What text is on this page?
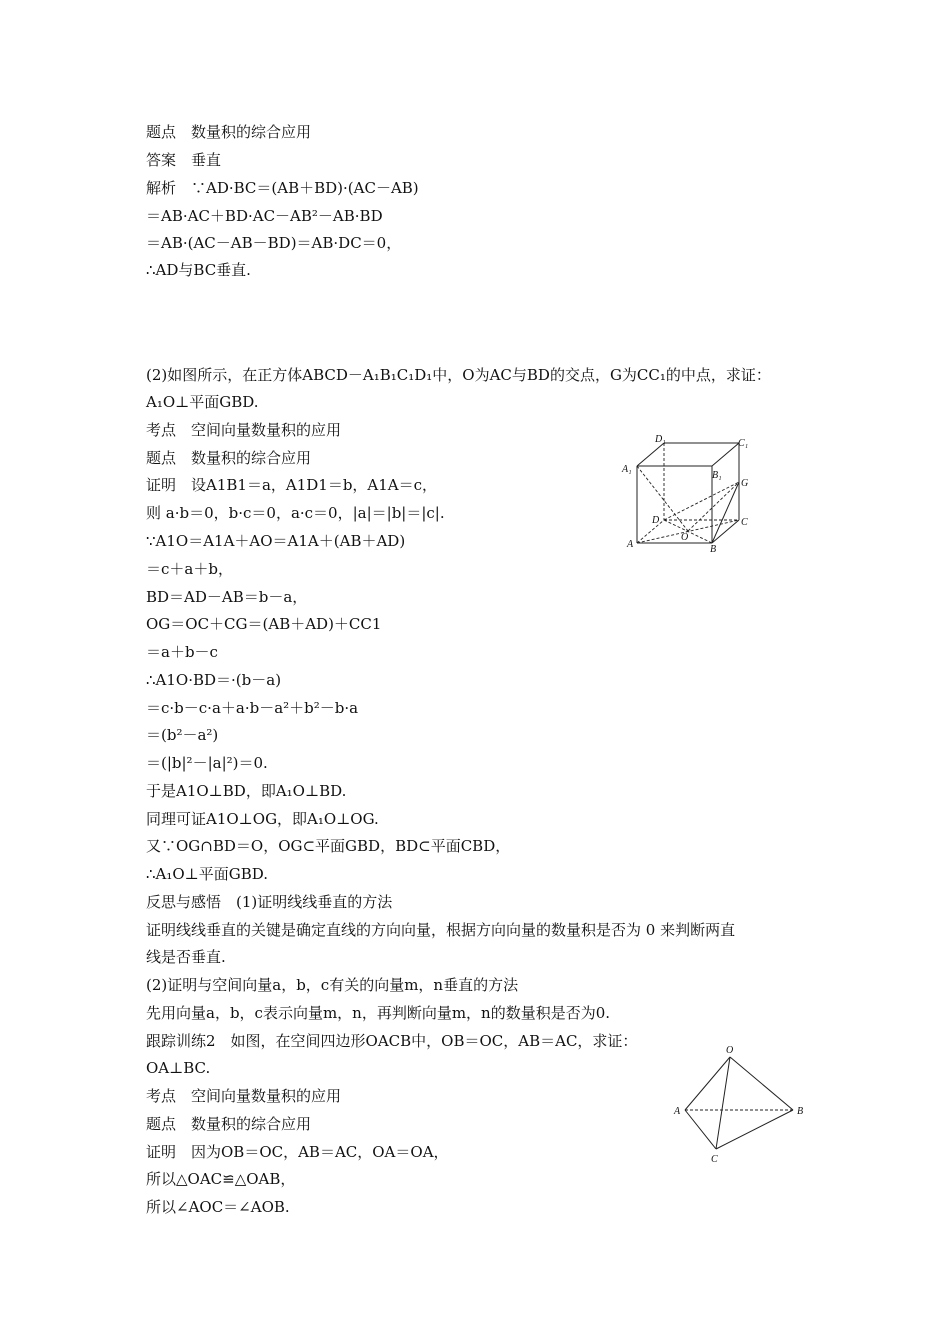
题点　数量积的综合应用
答案　垂直
解析　∵AD·BC＝(AB＋BD)·(AC－AB)
＝AB·AC＋BD·AC－AB²－AB·BD
＝AB·(AC－AB－BD)＝AB·DC＝0，
∴AD与BC垂直.
(2)如图所示，在正方体ABCD－A₁B₁C₁D₁中，O为AC与BD的交点，G为CC₁的中点，求证：
A₁O⊥平面GBD.
考点　空间向量数量积的应用
题点　数量积的综合应用
证明　设A1B1＝a，A1D1＝b，A1A＝c，
则 a·b＝0，b·c＝0，a·c＝0，|a|＝|b|＝|c|.
∵A1O＝A1A＋AO＝A1A＋(AB＋AD)
＝c＋a＋b，
BD＝AD－AB＝b－a，
OG＝OC＋CG＝(AB＋AD)＋CC1
＝a＋b－c
∴A1O·BD＝·(b－a)
＝c·b－c·a＋a·b－a²＋b²－b·a
＝(b²－a²)
＝(|b|²－|a|²)＝0.
于是A1O⊥BD，即A₁O⊥BD.
同理可证A1O⊥OG，即A₁O⊥OG.
又∵OG∩BD＝O，OG⊂平面GBD，BD⊂平面CBD，
∴A₁O⊥平面GBD.
反思与感悟　(1)证明线线垂直的方法
证明线线垂直的关键是确定直线的方向向量，根据方向向量的数量积是否为 0 来判断两直
线是否垂直.
(2)证明与空间向量a，b，c有关的向量m，n垂直的方法
先用向量a，b，c表示向量m，n，再判断向量m，n的数量积是否为0.
跟踪训练2　如图，在空间四边形OACB中，OB＝OC，AB＝AC，求证：
OA⊥BC.
考点　空间向量数量积的应用
题点　数量积的综合应用
证明　因为OB＝OC，AB＝AC，OA＝OA，
所以△OAC≌△OAB，
所以∠AOC＝∠AOB.
D₁	C₁
A₁
B₁
G
D	C
O
A	B
O
A	B
C
